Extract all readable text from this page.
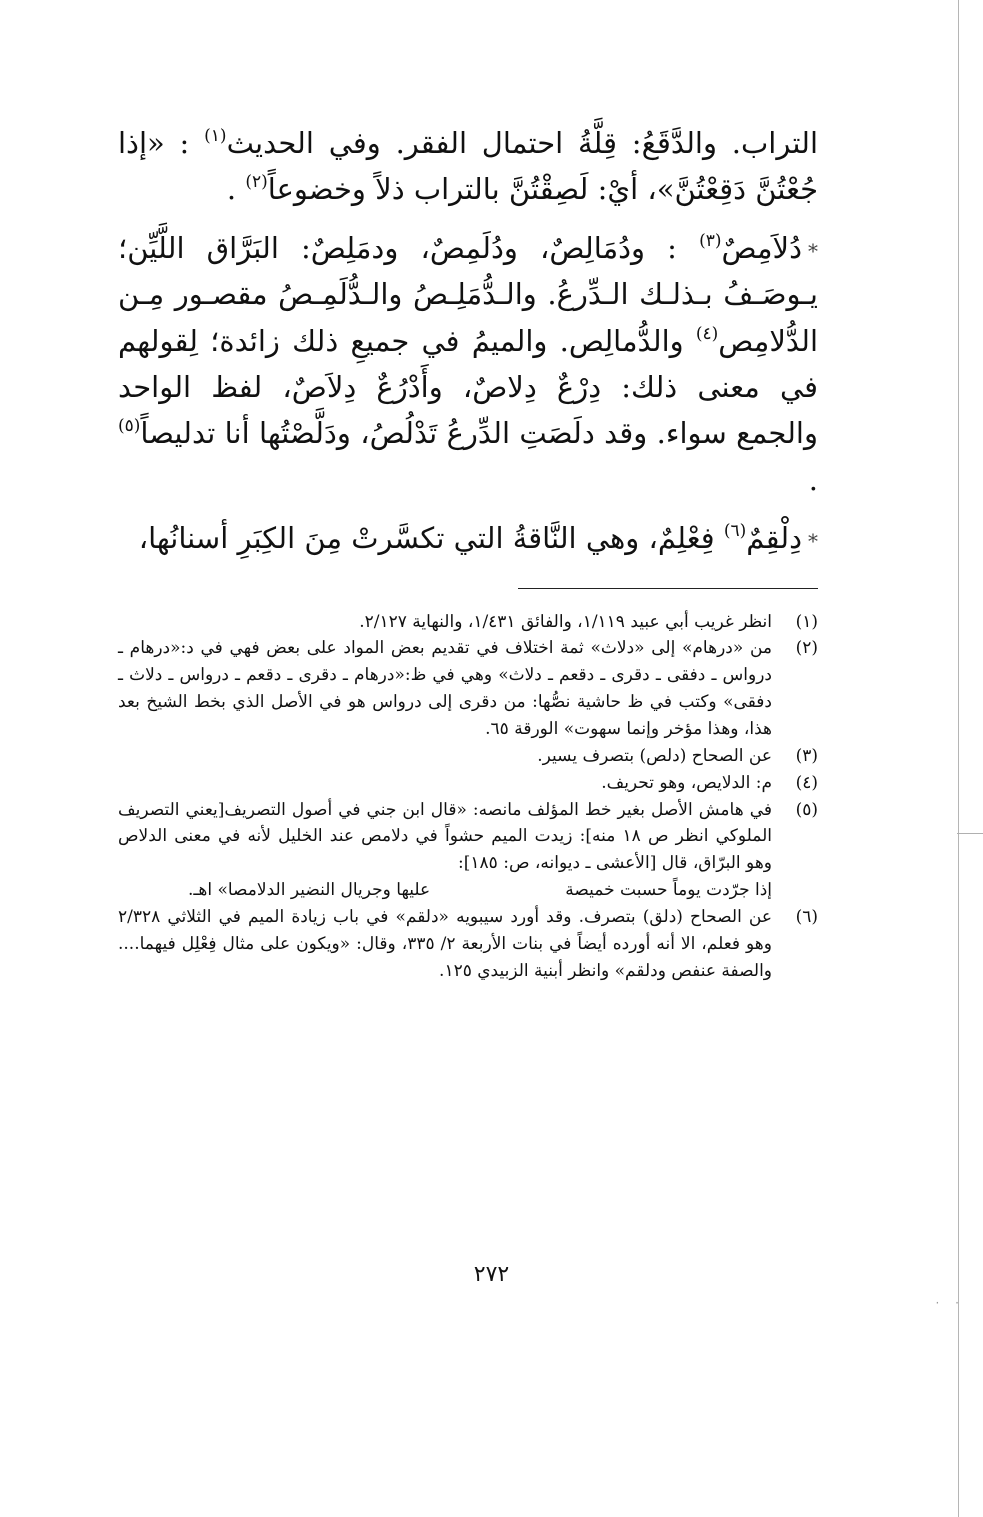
· ·

التراب. والدَّقَعُ: قِلَّةُ احتمال الفقر. وفي الحديث$^{(١)}$ : «إذا جُعْتُنَّ دَقِعْتُنَّ»، أيْ: لَصِقْتُنَّ بالتراب ذلاً وخضوعاً$^{(٢)}$ .

*دُلاَمِصٌ$^{(٣)}$ : ودُمَالِصٌ، ودُلَمِصٌ، ودمَلِصٌ: البَرَّاق اللَّيِّن؛ يـوصَـفُ بـذلـك الـدِّرعُ. والـدُّمَلِـصُ والـدُّلَمِـصُ مقصـور مِـن الدُّلامِص$^{(٤)}$ والدُّمالِص. والميمُ في جميعِ ذلك زائدة؛ لِقولهم في معنى ذلك: دِرْعٌ دِلاصٌ، وأَدْرُعٌ دِلاَصٌ، لفظ الواحد والجمع سواء. وقد دلَصَتِ الدِّرعُ تَدْلُصُ، ودَلَّصْتُها أنا تدليصاً$^{(٥)}$ .

*دِلْقِمٌ$^{(٦)}$ فِعْلِمٌ، وهي النَّاقةُ التي تكسَّرتْ مِنَ الكِبَرِ أسنانُها،

(١)
انظر غريب أبي عبيد ١/١١٩، والفائق ١/٤٣١، والنهاية ٢/١٢٧.
(٢)
من «درهام» إلى «دلاث» ثمة اختلاف في تقديم بعض المواد على بعض فهي في د:«درهام ـ درواس ـ دفقى ـ دقرى ـ دقعم ـ دلاث» وهي في ظ:«درهام ـ دقرى ـ دقعم ـ درواس ـ دلاث ـ دفقى» وكتب في ظ حاشية نصُّها: من دقرى إلى درواس هو في الأصل الذي بخط الشيخ بعد هذا، وهذا مؤخر وإنما سهوت» الورقة ٦٥.
(٣)
عن الصحاح (دلص) بتصرف يسير.
(٤)
م: الدلايص، وهو تحريف.
(٥)
في هامش الأصل بغير خط المؤلف مانصه: «قال ابن جني في أصول التصريف[يعني التصريف الملوكي انظر ص ١٨ منه]: زيدت الميم حشواً في دلامص عند الخليل لأنه في معنى الدلاص وهو البرّاق، قال [الأعشى ـ ديوانه، ص: ١٨٥]:
إذا جرّدت يوماً حسبت خميصة
عليها وجريال النضير الدلامصا» اهـ.
(٦)
عن الصحاح (دلق) بتصرف. وقد أورد سيبويه «دلقم» في باب زيادة الميم في الثلاثي ٢/٣٢٨ وهو فعلم، الا أنه أورده أيضاً في بنات الأربعة ٢/ ٣٣٥، وقال: «ويكون على مثال فِعْلِل فيهما.... والصفة عنفص ودلقم» وانظر أبنية الزبيدي ١٢٥.
٢٧٢
